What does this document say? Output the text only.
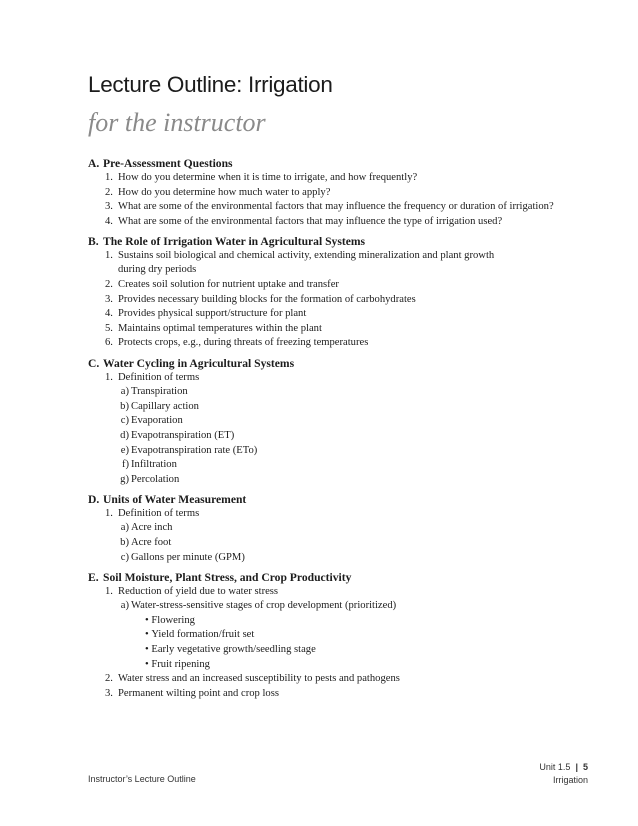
Lecture Outline: Irrigation
for the instructor
A. Pre-Assessment Questions
1. How do you determine when it is time to irrigate, and how frequently?
2. How do you determine how much water to apply?
3. What are some of the environmental factors that may influence the frequency or duration of irrigation?
4. What are some of the environmental factors that may influence the type of irrigation used?
B. The Role of Irrigation Water in Agricultural Systems
1. Sustains soil biological and chemical activity, extending mineralization and plant growth during dry periods
2. Creates soil solution for nutrient uptake and transfer
3. Provides necessary building blocks for the formation of carbohydrates
4. Provides physical support/structure for plant
5. Maintains optimal temperatures within the plant
6. Protects crops, e.g., during threats of freezing temperatures
C. Water Cycling in Agricultural Systems
1. Definition of terms
a) Transpiration
b) Capillary action
c) Evaporation
d) Evapotranspiration (ET)
e) Evapotranspiration rate (ETo)
f) Infiltration
g) Percolation
D. Units of Water Measurement
1. Definition of terms
a) Acre inch
b) Acre foot
c) Gallons per minute (GPM)
E. Soil Moisture, Plant Stress, and Crop Productivity
1. Reduction of yield due to water stress
a) Water-stress-sensitive stages of crop development (prioritized)
• Flowering
• Yield formation/fruit set
• Early vegetative growth/seedling stage
• Fruit ripening
2. Water stress and an increased susceptibility to pests and pathogens
3. Permanent wilting point and crop loss
Instructor’s Lecture Outline
Unit 1.5 | 5
Irrigation
